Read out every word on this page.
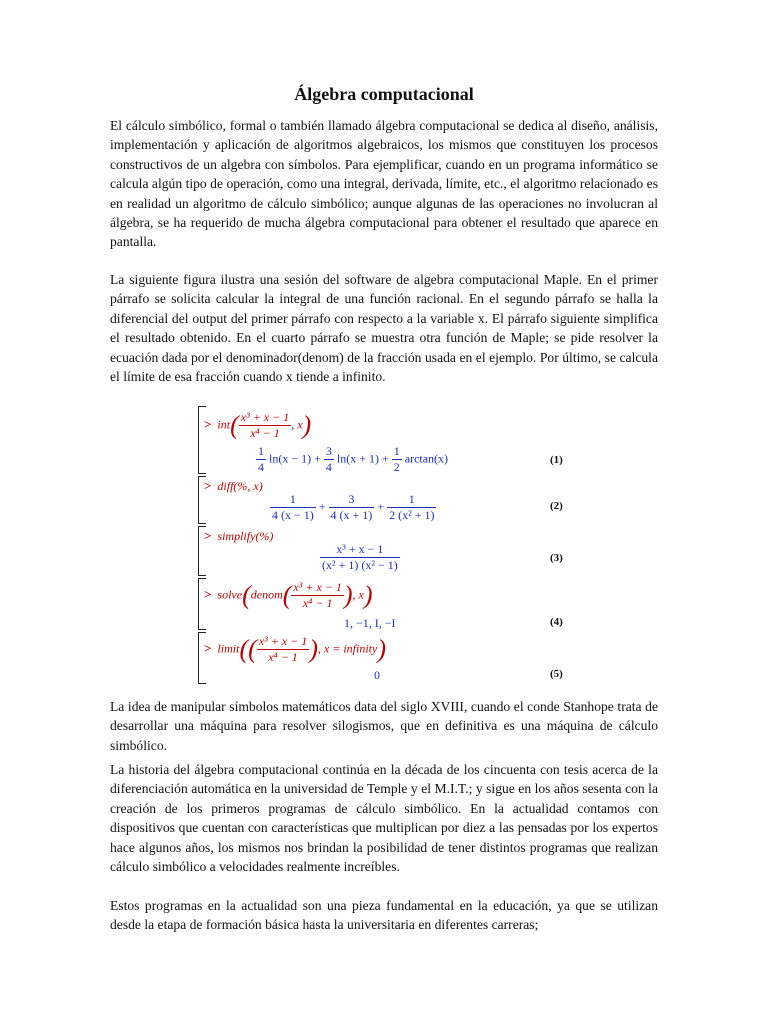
Álgebra computacional

El cálculo simbólico, formal o también llamado álgebra computacional se dedica al diseño, análisis, implementación y aplicación de algoritmos algebraicos, los mismos que constituyen los procesos constructivos de un algebra con símbolos. Para ejemplificar, cuando en un programa informático se calcula algún tipo de operación, como una integral, derivada, límite, etc., el algoritmo relacionado es en realidad un algoritmo de cálculo simbólico; aunque algunas de las operaciones no involucran al álgebra, se ha requerido de mucha álgebra computacional para obtener el resultado que aparece en pantalla.

La siguiente figura ilustra una sesión del software de algebra computacional Maple. En el primer párrafo se solicita calcular la integral de una función racional. En el segundo párrafo se halla la diferencial del output del primer párrafo con respecto a la variable x. El párrafo siguiente simplifica el resultado obtenido. En el cuarto párrafo se muestra otra función de Maple; se pide resolver la ecuación dada por el denominador(denom) de la fracción usada en el ejemplo. Por último, se calcula el límite de esa fracción cuando x tiende a infinito.

> $int( \frac{\text{x³ + x − 1}}{\text{x⁴ − 1}}$ , x)
$\frac{1}{4} \ln(x - 1) + \frac{3}{4} \ln(x + 1) + \frac{1}{2} \arctan(x)$	(1)
> diff(%, x)
$\frac{1}{4 (x - 1)} + \frac{3}{4 (x + 1)} + \frac{1}{\text{2 (x² + 1)}}$	(2)
> simplify(%)
$\frac{\text{x³ + x − 1}}{\text{(x² + 1) (x² − 1)}}$	(3)
> solve(denom( $\frac{\text{x³ + x − 1}}{\text{x⁴ − 1}}$ ), x)
1, −1, I, −I	(4)
> limit(( $\frac{\text{x³ + x − 1}}{\text{x⁴ − 1}}$ ), x = infinity)
0	(5)

La idea de manipular símbolos matemáticos data del siglo XVIII, cuando el conde Stanhope trata de desarrollar una máquina para resolver silogismos, que en definitiva es una máquina de cálculo simbólico.

La historia del álgebra computacional continúa en la década de los cincuenta con tesis acerca de la diferenciación automática en la universidad de Temple y el M.I.T.; y sigue en los años sesenta con la creación de los primeros programas de cálculo simbólico. En la actualidad contamos con dispositivos que cuentan con características que multiplican por diez a las pensadas por los expertos hace algunos años, los mismos nos brindan la posibilidad de tener distintos programas que realizan cálculo simbólico a velocidades realmente increíbles.

Estos programas en la actualidad son una pieza fundamental en la educación, ya que se utilizan desde la etapa de formación básica hasta la universitaria en diferentes carreras;
